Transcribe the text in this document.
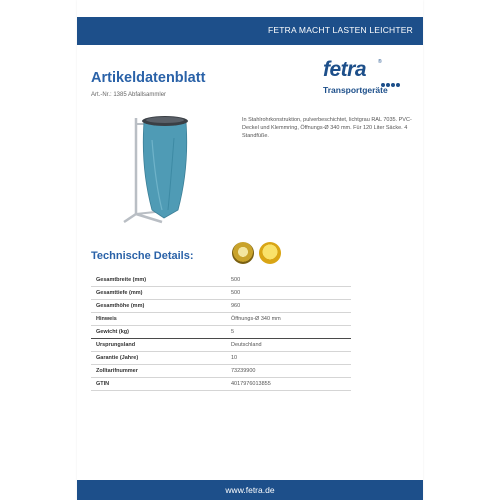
FETRA MACHT LASTEN LEICHTER
Artikeldatenblatt
Art.-Nr.: 1385 Abfallsammler
fetra ®
Transportgeräte
In Stahlrohrkonstruktion, pulverbeschichtet, lichtgrau RAL 7035. PVC-Deckel und Klemmring, Öffnungs-Ø 340 mm. Für 120 Liter Säcke. 4 Standfüße.
Technische Details:
Gesamtbreite (mm)	500
Gesamttiefe (mm)	500
Gesamthöhe (mm)	960
Hinweis	Öffnungs-Ø 340 mm
Gewicht (kg)	5
Ursprungsland	Deutschland
Garantie (Jahre)	10
Zolltarifnummer	73239900
GTIN	4017976013855
www.fetra.de
